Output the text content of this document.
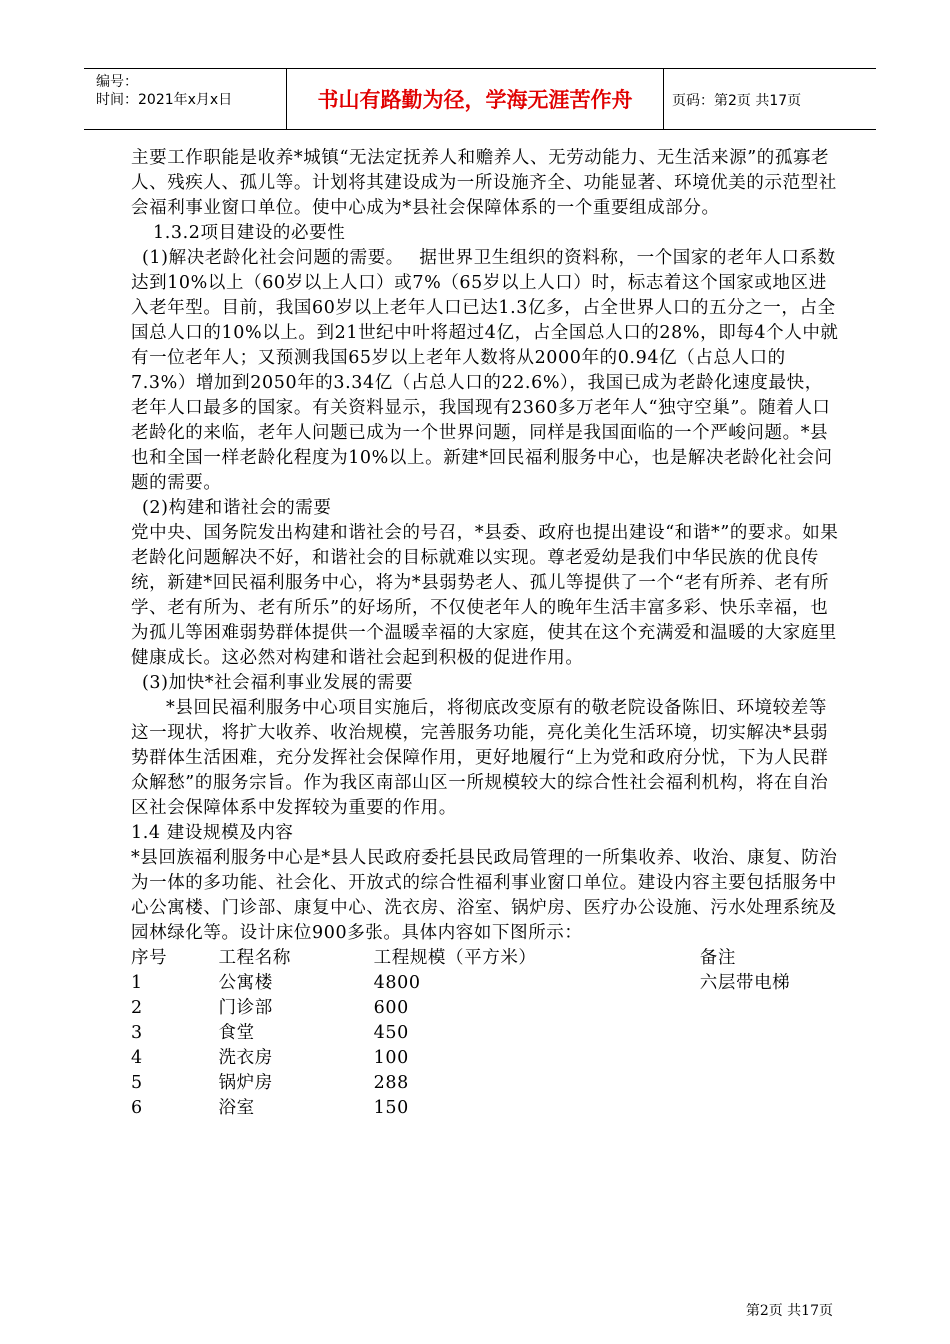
编号：
时间：2021年x月x日	书山有路勤为径，学海无涯苦作舟	页码：第2页 共17页

主要工作职能是收养*城镇“无法定抚养人和赡养人、无劳动能力、无生活来源”的孤寡老人、残疾人、孤儿等。计划将其建设成为一所设施齐全、功能显著、环境优美的示范型社会福利事业窗口单位。使中心成为*县社会保障体系的一个重要组成部分。

1.3.2项目建设的必要性

(1)解决老龄化社会问题的需要。　 据世界卫生组织的资料称，一个国家的老年人口系数达到10%以上（60岁以上人口）或7%（65岁以上人口）时，标志着这个国家或地区进入老年型。目前，我国60岁以上老年人口已达1.3亿多，占全世界人口的五分之一，占全国总人口的10%以上。到21世纪中叶将超过4亿，占全国总人口的28%，即每4个人中就有一位老年人；又预测我国65岁以上老年人数将从2000年的0.94亿（占总人口的7.3%）增加到2050年的3.34亿（占总人口的22.6%），我国已成为老龄化速度最快，老年人口最多的国家。有关资料显示，我国现有2360多万老年人“独守空巢”。随着人口老龄化的来临，老年人问题已成为一个世界问题，同样是我国面临的一个严峻问题。*县也和全国一样老龄化程度为10%以上。新建*回民福利服务中心，也是解决老龄化社会问题的需要。

(2)构建和谐社会的需要

党中央、国务院发出构建和谐社会的号召，*县委、政府也提出建设“和谐*”的要求。如果老龄化问题解决不好，和谐社会的目标就难以实现。尊老爱幼是我们中华民族的优良传统，新建*回民福利服务中心，将为*县弱势老人、孤儿等提供了一个“老有所养、老有所学、老有所为、老有所乐”的好场所，不仅使老年人的晚年生活丰富多彩、快乐幸福，也为孤儿等困难弱势群体提供一个温暖幸福的大家庭，使其在这个充满爱和温暖的大家庭里健康成长。这必然对构建和谐社会起到积极的促进作用。

(3)加快*社会福利事业发展的需要

*县回民福利服务中心项目实施后，将彻底改变原有的敬老院设备陈旧、环境较差等这一现状，将扩大收养、收治规模，完善服务功能，亮化美化生活环境，切实解决*县弱势群体生活困难，充分发挥社会保障作用，更好地履行“上为党和政府分忧，下为人民群众解愁”的服务宗旨。作为我区南部山区一所规模较大的综合性社会福利机构，将在自治区社会保障体系中发挥较为重要的作用。

1.4 建设规模及内容

*县回族福利服务中心是*县人民政府委托县民政局管理的一所集收养、收治、康复、防治为一体的多功能、社会化、开放式的综合性福利事业窗口单位。建设内容主要包括服务中心公寓楼、门诊部、康复中心、洗衣房、浴室、锅炉房、医疗办公设施、污水处理系统及园林绿化等。设计床位900多张。具体内容如下图所示：

序号	工程名称	工程规模（平方米）	备注
1	公寓楼	4800	六层带电梯
2	门诊部	600	
3	食堂	450	
4	洗衣房	100	
5	锅炉房	288	
6	浴室	150	
第2页 共17页
